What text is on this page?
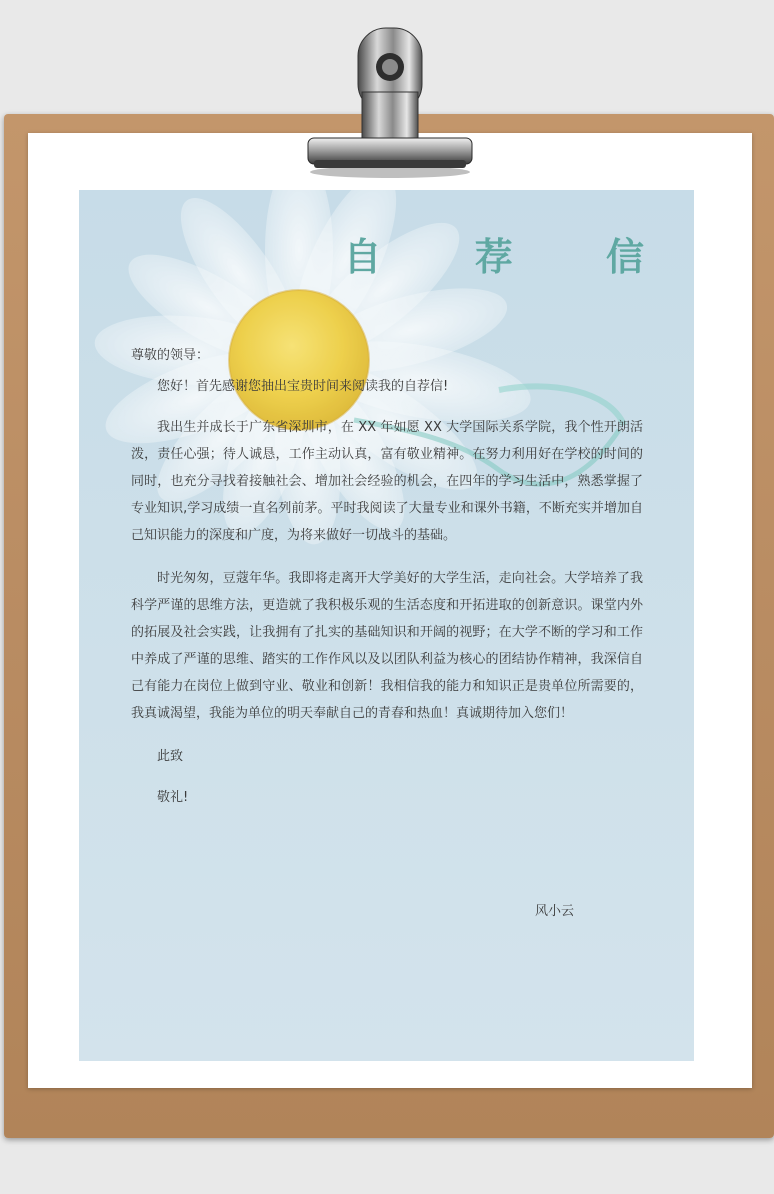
自 荐 信

尊敬的领导：

您好！首先感谢您抽出宝贵时间来阅读我的自荐信!

我出生并成长于广东省深圳市，在 XX 年如愿 XX 大学国际关系学院，我个性开朗活泼，责任心强；待人诚恳，工作主动认真，富有敬业精神。在努力利用好在学校的时间的同时，也充分寻找着接触社会、增加社会经验的机会，在四年的学习生活中，熟悉掌握了专业知识,学习成绩一直名列前茅。平时我阅读了大量专业和课外书籍，不断充实并增加自己知识能力的深度和广度，为将来做好一切战斗的基础。

时光匆匆，豆蔻年华。我即将走离开大学美好的大学生活，走向社会。大学培养了我科学严谨的思维方法，更造就了我积极乐观的生活态度和开拓进取的创新意识。课堂内外的拓展及社会实践，让我拥有了扎实的基础知识和开阔的视野；在大学不断的学习和工作中养成了严谨的思维、踏实的工作作风以及以团队利益为核心的团结协作精神，我深信自己有能力在岗位上做到守业、敬业和创新！我相信我的能力和知识正是贵单位所需要的，我真诚渴望，我能为单位的明天奉献自己的青春和热血！真诚期待加入您们！

此致

敬礼!

风小云
